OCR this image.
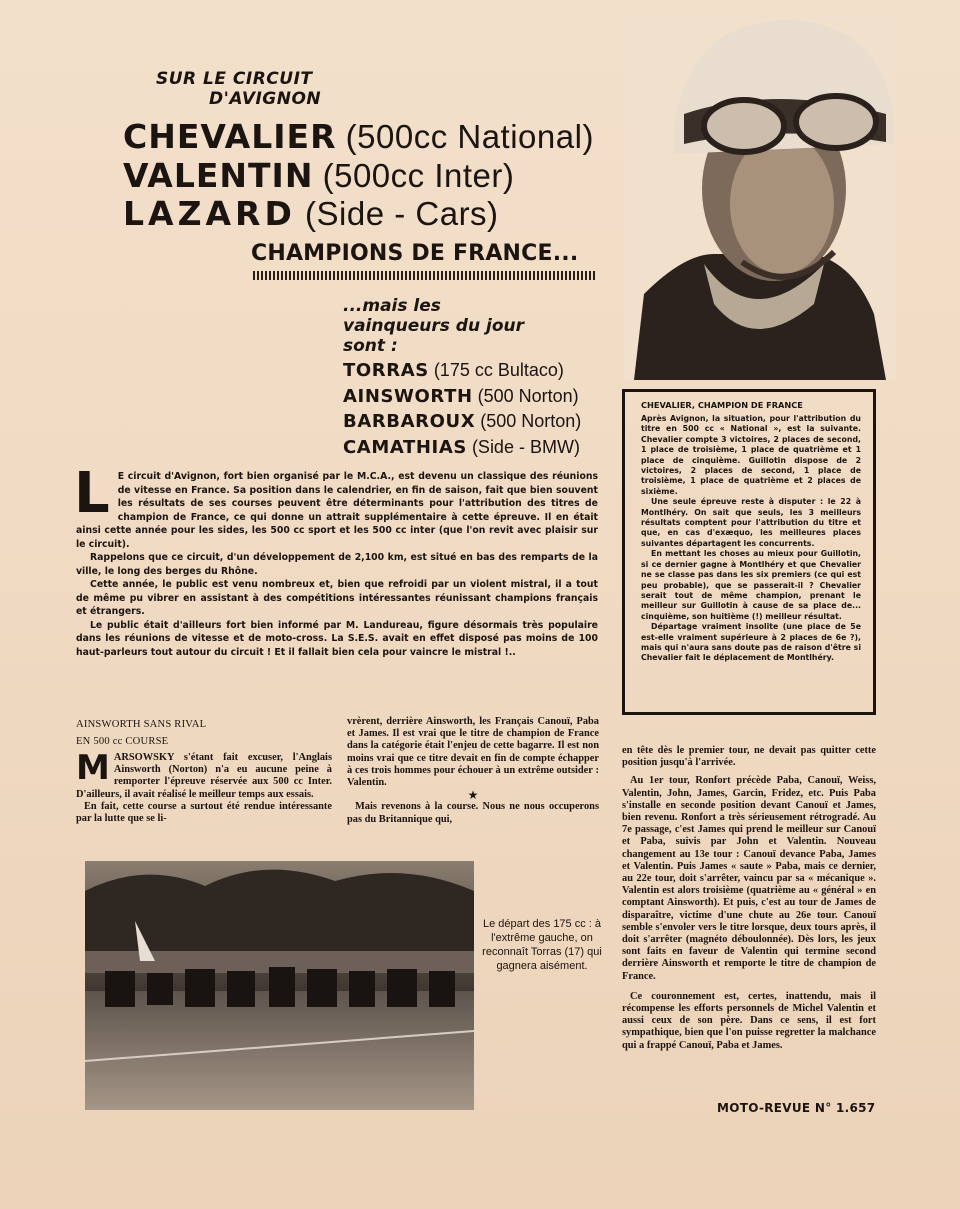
SUR LE CIRCUIT
D'AVIGNON
CHEVALIER (500cc National)
VALENTIN (500cc Inter)
LAZARD (Side - Cars)
CHAMPIONS DE FRANCE...
...mais les
vainqueurs du jour
sont :
TORRAS (175 cc Bultaco)
AINSWORTH (500 Norton)
BARBAROUX (500 Norton)
CAMATHIAS (Side - BMW)
CHEVALIER, CHAMPION DE FRANCE

Après Avignon, la situation, pour l'attribution du titre en 500 cc « National », est la suivante. Chevalier compte 3 victoires, 2 places de second, 1 place de troisième, 1 place de quatrième et 1 place de cinquième. Guillotin dispose de 2 victoires, 2 places de second, 1 place de troisième, 1 place de quatrième et 2 places de sixième.

Une seule épreuve reste à disputer : le 22 à Montlhéry. On sait que seuls, les 3 meilleurs résultats comptent pour l'attribution du titre et que, en cas d'exæquo, les meilleures places suivantes départagent les concurrents.

En mettant les choses au mieux pour Guillotin, si ce dernier gagne à Montlhéry et que Chevalier ne se classe pas dans les six premiers (ce qui est peu probable), que se passerait-il ? Chevalier serait tout de même champion, prenant le meilleur sur Guillotin à cause de sa place de... cinquième, son huitième (!) meilleur résultat.

Départage vraiment insolite (une place de 5e est-elle vraiment supérieure à 2 places de 6e ?), mais qui n'aura sans doute pas de raison d'être si Chevalier fait le déplacement de Montlhéry.

L E circuit d'Avignon, fort bien organisé par le M.C.A., est devenu un classique des réunions de vitesse en France. Sa position dans le calendrier, en fin de saison, fait que bien souvent les résultats de ses courses peuvent être déterminants pour l'attribution des titres de champion de France, ce qui donne un attrait supplémentaire à cette épreuve. Il en était ainsi cette année pour les sides, les 500 cc sport et les 500 cc inter (que l'on revit avec plaisir sur le circuit).

Rappelons que ce circuit, d'un développement de 2,100 km, est situé en bas des remparts de la ville, le long des berges du Rhône.

Cette année, le public est venu nombreux et, bien que refroidi par un violent mistral, il a tout de même pu vibrer en assistant à des compétitions intéressantes réunissant champions français et étrangers.

Le public était d'ailleurs fort bien informé par M. Landureau, figure désormais très populaire dans les réunions de vitesse et de moto-cross. La S.E.S. avait en effet disposé pas moins de 100 haut-parleurs tout autour du circuit ! Et il fallait bien cela pour vaincre le mistral !..

AINSWORTH SANS RIVAL
EN 500 cc COURSE
M ARSOWSKY s'étant fait excuser, l'Anglais Ainsworth (Norton) n'a eu aucune peine à remporter l'épreuve réservée aux 500 cc Inter. D'ailleurs, il avait réalisé le meilleur temps aux essais.

En fait, cette course a surtout été rendue intéressante par la lutte que se li-

vrèrent, derrière Ainsworth, les Français Canouï, Paba et James. Il est vrai que le titre de champion de France dans la catégorie était l'enjeu de cette bagarre. Il est non moins vrai que ce titre devait en fin de compte échapper à ces trois hommes pour échouer à un extrême outsider : Valentin.

★

Mais revenons à la course. Nous ne nous occuperons pas du Britannique qui,

en tête dès le premier tour, ne devait pas quitter cette position jusqu'à l'arrivée.

Au 1er tour, Ronfort précède Paba, Canouï, Weiss, Valentin, John, James, Garcin, Fridez, etc. Puis Paba s'installe en seconde position devant Canouï et James, bien revenu. Ronfort a très sérieusement rétrogradé. Au 7e passage, c'est James qui prend le meilleur sur Canouï et Paba, suivis par John et Valentin. Nouveau changement au 13e tour : Canouï devance Paba, James et Valentin. Puis James « saute » Paba, mais ce dernier, au 22e tour, doit s'arrêter, vaincu par sa « mécanique ». Valentin est alors troisième (quatrième au « général » en comptant Ainsworth). Et puis, c'est au tour de James de disparaître, victime d'une chute au 26e tour. Canouï semble s'envoler vers le titre lorsque, deux tours après, il doit s'arrêter (magnéto déboulonnée). Dès lors, les jeux sont faits en faveur de Valentin qui termine second derrière Ainsworth et remporte le titre de champion de France.

Ce couronnement est, certes, inattendu, mais il récompense les efforts personnels de Michel Valentin et aussi ceux de son père. Dans ce sens, il est fort sympathique, bien que l'on puisse regretter la malchance qui a frappé Canouï, Paba et James.

Le départ des 175 cc : à l'extrême gauche, on reconnaît Torras (17) qui gagnera aisément.
MOTO-REVUE N° 1.657
